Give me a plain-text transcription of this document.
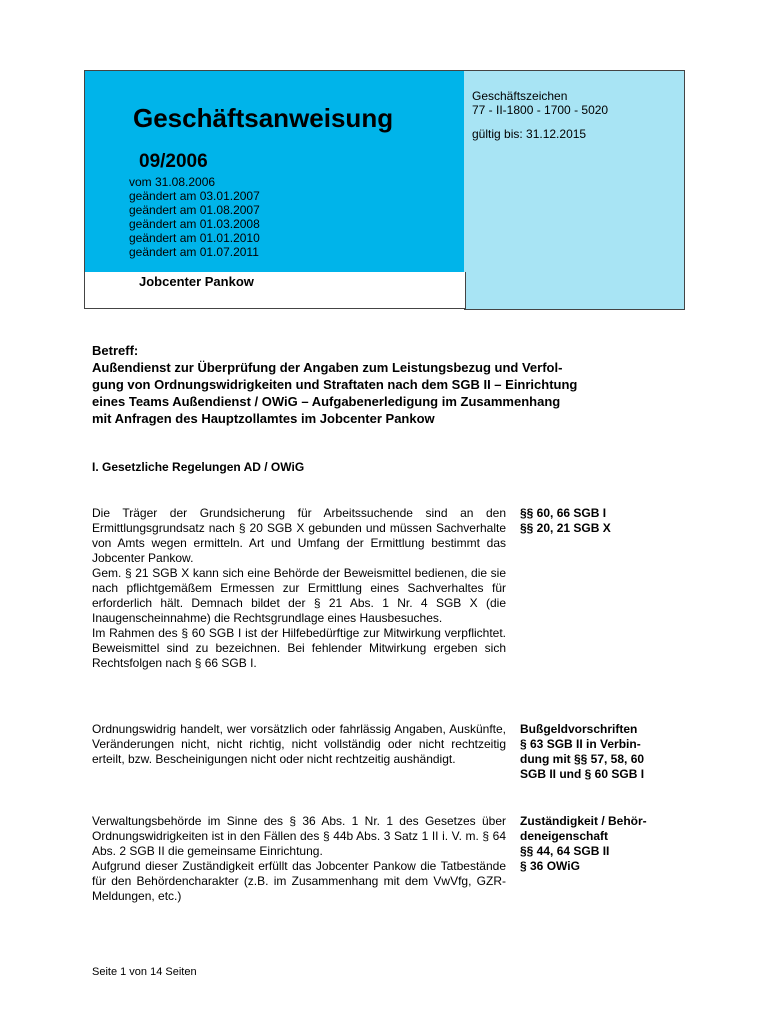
Geschäftsanweisung
09/2006
vom 31.08.2006
geändert am 03.01.2007
geändert am 01.08.2007
geändert am 01.03.2008
geändert am 01.01.2010
geändert am 01.07.2011
Geschäftszeichen
77 - II-1800 - 1700 - 5020
gültig bis: 31.12.2015
Jobcenter Pankow
Betreff:
Außendienst zur Überprüfung der Angaben zum Leistungsbezug und Verfol-
gung von Ordnungswidrigkeiten und Straftaten nach dem SGB II – Einrichtung
eines Teams Außendienst / OWiG – Aufgabenerledigung im Zusammenhang
mit Anfragen des Hauptzollamtes im Jobcenter Pankow
I. Gesetzliche Regelungen AD / OWiG

Die Träger der Grundsicherung für Arbeitssuchende sind an den Ermittlungsgrundsatz nach § 20 SGB X gebunden und müssen Sachverhalte von Amts wegen ermitteln. Art und Umfang der Ermittlung bestimmt das Jobcenter Pankow.

Gem. § 21 SGB X kann sich eine Behörde der Beweismittel bedienen, die sie nach pflichtgemäßem Ermessen zur Ermittlung eines Sachverhaltes für erforderlich hält. Demnach bildet der § 21 Abs. 1 Nr. 4 SGB X (die Inaugenscheinnahme) die Rechtsgrundlage eines Hausbesuches.

Im Rahmen des § 60 SGB I ist der Hilfebedürftige zur Mitwirkung verpflichtet. Beweismittel sind zu bezeichnen. Bei fehlender Mitwirkung ergeben sich Rechtsfolgen nach § 66 SGB I.

§§ 60, 66 SGB I
§§ 20, 21 SGB X

Ordnungswidrig handelt, wer vorsätzlich oder fahrlässig Angaben, Auskünfte, Veränderungen nicht, nicht richtig, nicht vollständig oder nicht rechtzeitig erteilt, bzw. Bescheinigungen nicht oder nicht rechtzeitig aushändigt.

Bußgeldvorschriften
§ 63 SGB II in Verbin-
dung mit §§ 57, 58, 60
SGB II und § 60 SGB I

Verwaltungsbehörde im Sinne des § 36 Abs. 1 Nr. 1 des Gesetzes über Ordnungswidrigkeiten ist in den Fällen des § 44b Abs. 3 Satz 1 II i. V. m. § 64 Abs. 2 SGB II die gemeinsame Einrichtung.

Aufgrund dieser Zuständigkeit erfüllt das Jobcenter Pankow die Tatbestände für den Behördencharakter (z.B. im Zusammenhang mit dem VwVfg, GZR-Meldungen, etc.)

Zuständigkeit / Behör-
deneigenschaft
§§ 44, 64 SGB II
§ 36 OWiG
Seite 1 von 14 Seiten
